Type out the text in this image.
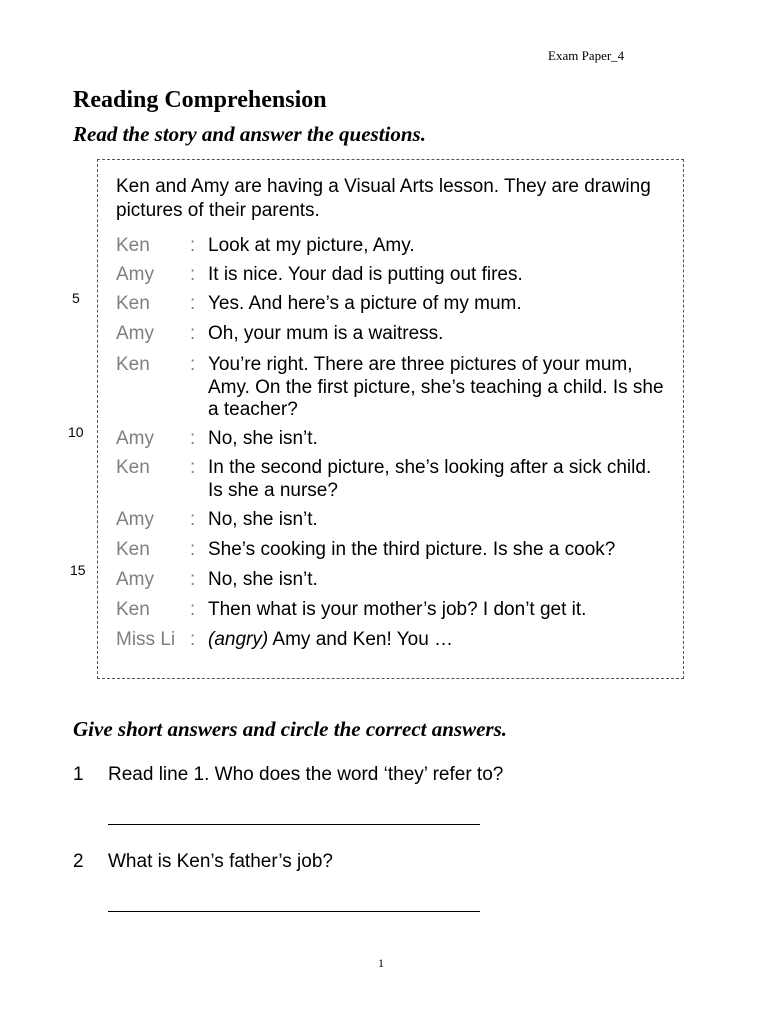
Exam Paper_4
Reading Comprehension
Read the story and answer the questions.
Ken and Amy are having a Visual Arts lesson. They are drawing pictures of their parents.
5
10
15
Ken : Look at my picture, Amy.
Amy : It is nice. Your dad is putting out fires.
Ken : Yes. And here’s a picture of my mum.
Amy : Oh, your mum is a waitress.
Ken : You’re right. There are three pictures of your mum, Amy. On the first picture, she’s teaching a child. Is she a teacher?
Amy : No, she isn’t.
Ken : In the second picture, she’s looking after a sick child. Is she a nurse?
Amy : No, she isn’t.
Ken : She’s cooking in the third picture. Is she a cook?
Amy : No, she isn’t.
Ken : Then what is your mother’s job? I don’t get it.
Miss Li : (angry) Amy and Ken! You …
Give short answers and circle the correct answers.
1 Read line 1. Who does the word ‘they’ refer to?
2 What is Ken’s father’s job?
1
